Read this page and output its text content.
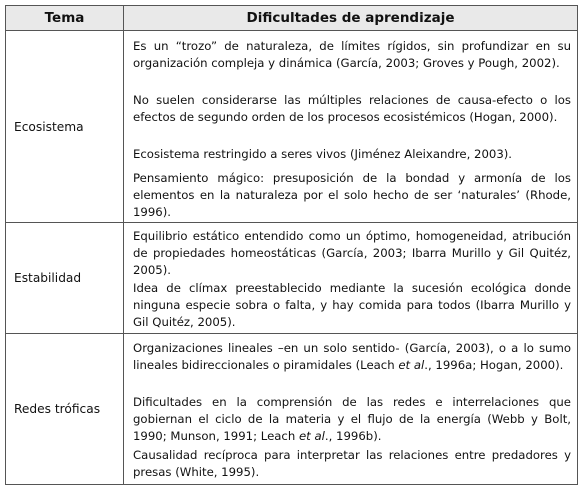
Tema	Dificultades de aprendizaje
Ecosistema

Es un “trozo” de naturaleza, de límites rígidos, sin profundizar en su organización compleja y dinámica (García, 2003; Groves y Pough, 2002).

No suelen considerarse las múltiples relaciones de causa-efecto o los efectos de segundo orden de los procesos ecosistémicos (Hogan, 2000).

Ecosistema restringido a seres vivos (Jiménez Aleixandre, 2003).

Pensamiento mágico: presuposición de la bondad y armonía de los elementos en la naturaleza por el solo hecho de ser ‘naturales’ (Rhode, 1996).

Estabilidad

Equilibrio estático entendido como un óptimo, homogeneidad, atribución de propiedades homeostáticas (García, 2003; Ibarra Murillo y Gil Quitéz, 2005).

Idea de clímax preestablecido mediante la sucesión ecológica donde ninguna especie sobra o falta, y hay comida para todos (Ibarra Murillo y Gil Quitéz, 2005).

Redes tróficas

Organizaciones lineales –en un solo sentido- (García, 2003), o a lo sumo lineales bidireccionales o piramidales (Leach et al., 1996a; Hogan, 2000).

Dificultades en la comprensión de las redes e interrelaciones que gobiernan el ciclo de la materia y el flujo de la energía (Webb y Bolt, 1990; Munson, 1991; Leach et al., 1996b).

Causalidad recíproca para interpretar las relaciones entre predadores y presas (White, 1995).
